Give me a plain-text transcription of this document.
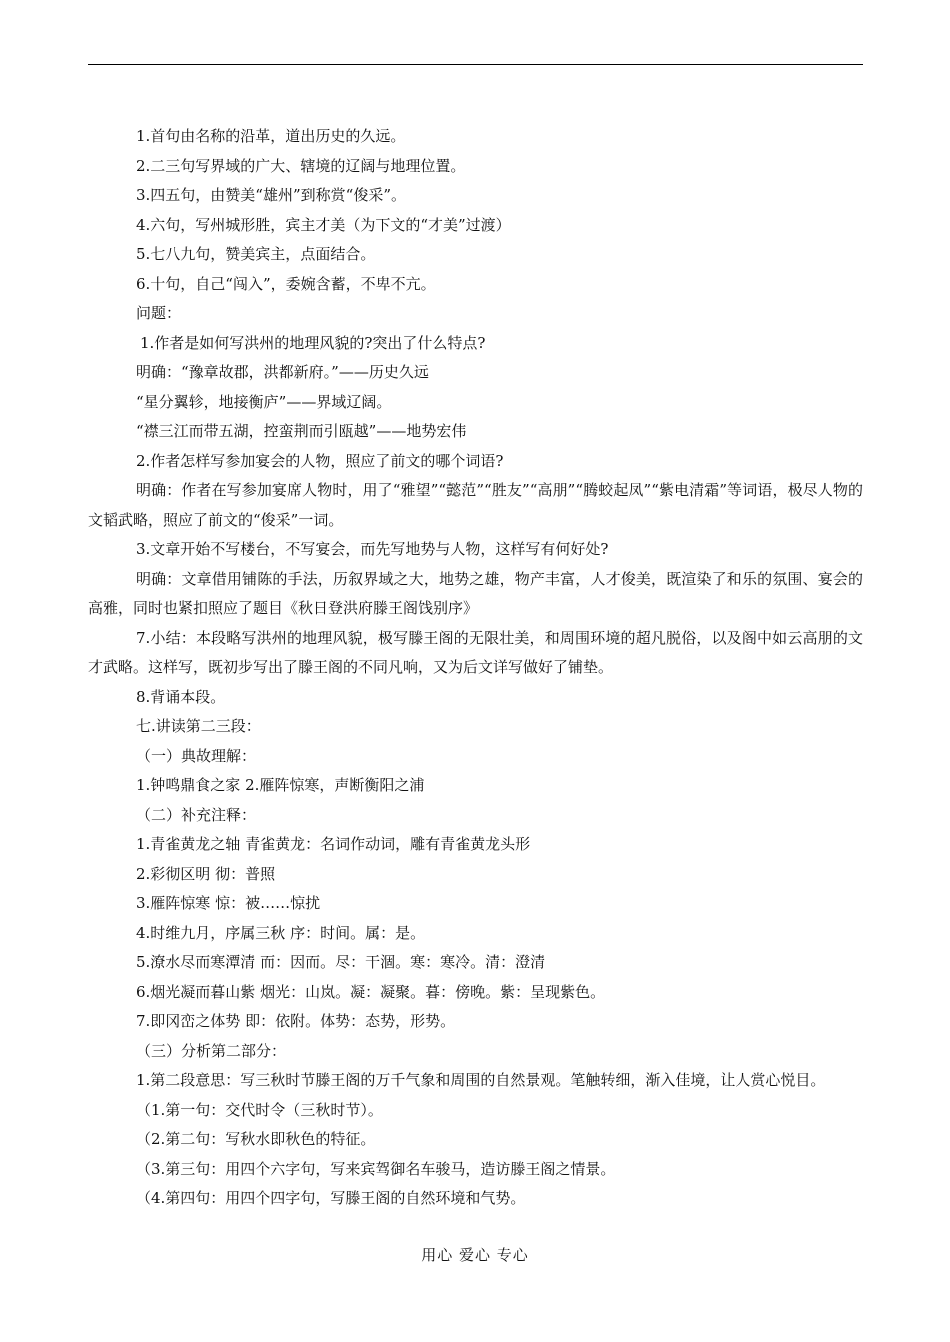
1.首句由名称的沿革，道出历史的久远。
2.二三句写界域的广大、辖境的辽阔与地理位置。
3.四五句，由赞美“雄州”到称赏“俊采”。
4.六句，写州城形胜，宾主才美（为下文的“才美”过渡）
5.七八九句，赞美宾主，点面结合。
6.十句，自己“闯入”，委婉含蓄，不卑不亢。
问题：
1.作者是如何写洪州的地理风貌的?突出了什么特点?
明确：“豫章故郡，洪都新府。”——历史久远
“星分翼轸，地接衡庐”——界域辽阔。
“襟三江而带五湖，控蛮荆而引瓯越”——地势宏伟
2.作者怎样写参加宴会的人物，照应了前文的哪个词语?
明确：作者在写参加宴席人物时，用了“雅望”“懿范”“胜友”“高朋”“腾蛟起凤”“紫电清霜”等词语，极尽人物的文韬武略，照应了前文的“俊采”一词。
3.文章开始不写楼台，不写宴会，而先写地势与人物，这样写有何好处?
明确：文章借用铺陈的手法，历叙界域之大，地势之雄，物产丰富，人才俊美，既渲染了和乐的氛围、宴会的高雅，同时也紧扣照应了题目《秋日登洪府滕王阁饯别序》
7.小结：本段略写洪州的地理风貌，极写滕王阁的无限壮美，和周围环境的超凡脱俗，以及阁中如云高朋的文才武略。这样写，既初步写出了滕王阁的不同凡响，又为后文详写做好了铺垫。
8.背诵本段。
七.讲读第二三段：
（一）典故理解：
1.钟鸣鼎食之家 2.雁阵惊寒，声断衡阳之浦
（二）补充注释：
1.青雀黄龙之轴 青雀黄龙：名词作动词，雕有青雀黄龙头形
2.彩彻区明 彻：普照
3.雁阵惊寒 惊：被……惊扰
4.时维九月，序属三秋 序：时间。属：是。
5.潦水尽而寒潭清 而：因而。尽：干涸。寒：寒冷。清：澄清
6.烟光凝而暮山紫 烟光：山岚。凝：凝聚。暮：傍晚。紫：呈现紫色。
7.即冈峦之体势 即：依附。体势：态势，形势。
（三）分析第二部分：
1.第二段意思：写三秋时节滕王阁的万千气象和周围的自然景观。笔触转细，渐入佳境，让人赏心悦目。
（1.第一句：交代时令（三秋时节）。
（2.第二句：写秋水即秋色的特征。
（3.第三句：用四个六字句，写来宾驾御名车骏马，造访滕王阁之情景。
（4.第四句：用四个四字句，写滕王阁的自然环境和气势。
用心 爱心 专心
